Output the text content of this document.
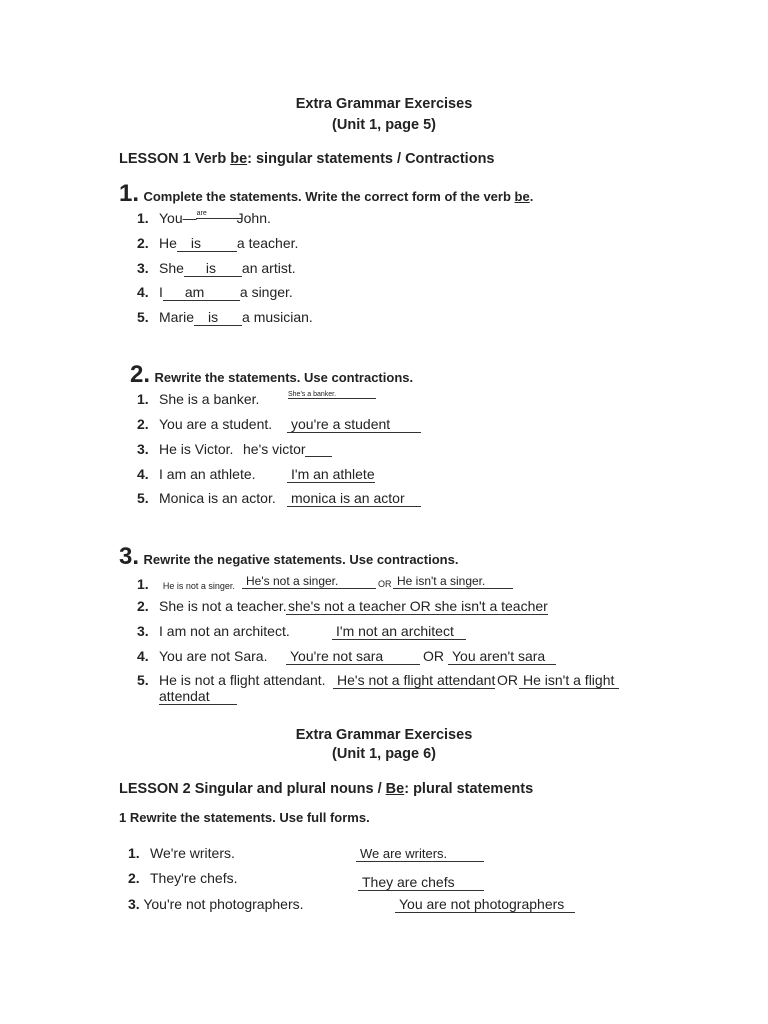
Extra Grammar Exercises
(Unit 1, page 5)
LESSON 1 Verb be: singular statements / Contractions
1. Complete the statements. Write the correct form of the verb be.
1. You— are	John.
2. He	is	a teacher.
3. She	is	an artist.
4. I	am	a singer.
5. Marie	is	a musician.
2. Rewrite the statements. Use contractions.
1. She is a banker.	She's a banker.
2. You are a student. you're a student
3. He is Victor. he's victor
4. I am an athlete.	I'm an athlete
5. Monica is an actor. monica is an actor
3. Rewrite the negative statements. Use contractions.
1. He is not a singer. He's not a singer.	OR He isn't a singer.
2. She is not a teacher. she's not a teacher OR she isn't a teacher
3. I am not an architect.	I'm not an architect
4. You are not Sara. You're not sara	OR You aren't sara
5. He is not a flight attendant. He's not a flight attendant OR He isn't a flight
attendat
Extra Grammar Exercises
(Unit 1, page 6)
LESSON 2 Singular and plural nouns / Be: plural statements
1 Rewrite the statements. Use full forms.
1. We're writers.	We are writers.
2. They're chefs.	They are chefs
3. You're not photographers.	You are not photographers
